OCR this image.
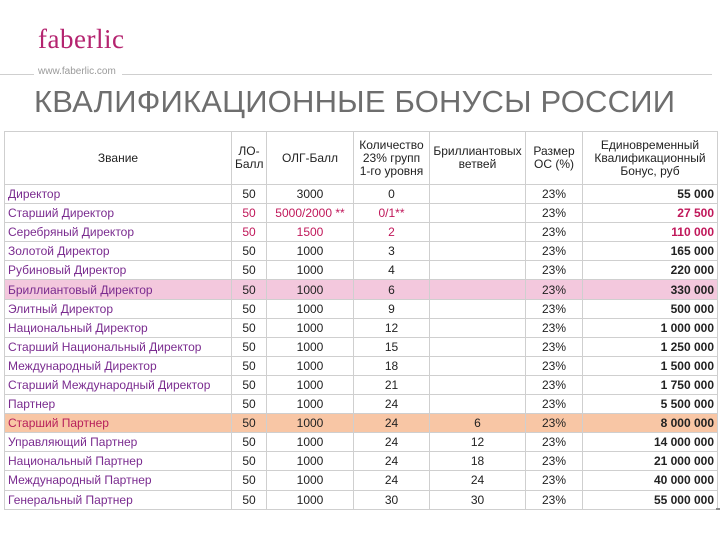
faberlic
www.faberlic.com
КВАЛИФИКАЦИОННЫЕ БОНУСЫ РОССИИ
Звание	ЛО-Балл	ОЛГ-Балл	Количество 23% групп 1-го уровня	Бриллиантовых ветвей	Размер ОС (%)	Единовременный Квалификационный Бонус, руб
Директор	50	3000	0		23%	55 000
Старший Директор	50	5000/2000 **	0/1**		23%	27 500
Серебряный Директор	50	1500	2		23%	110 000
Золотой Директор	50	1000	3		23%	165 000
Рубиновый Директор	50	1000	4		23%	220 000
Бриллиантовый Директор	50	1000	6		23%	330 000
Элитный Директор	50	1000	9		23%	500 000
Национальный Директор	50	1000	12		23%	1 000 000
Старший Национальный Директор	50	1000	15		23%	1 250 000
Международный Директор	50	1000	18		23%	1 500 000
Старший Международный Директор	50	1000	21		23%	1 750 000
Партнер	50	1000	24		23%	5 500 000
Старший Партнер	50	1000	24	6	23%	8 000 000
Управляющий Партнер	50	1000	24	12	23%	14 000 000
Национальный Партнер	50	1000	24	18	23%	21 000 000
Международный Партнер	50	1000	24	24	23%	40 000 000
Генеральный Партнер	50	1000	30	30	23%	55 000 000
